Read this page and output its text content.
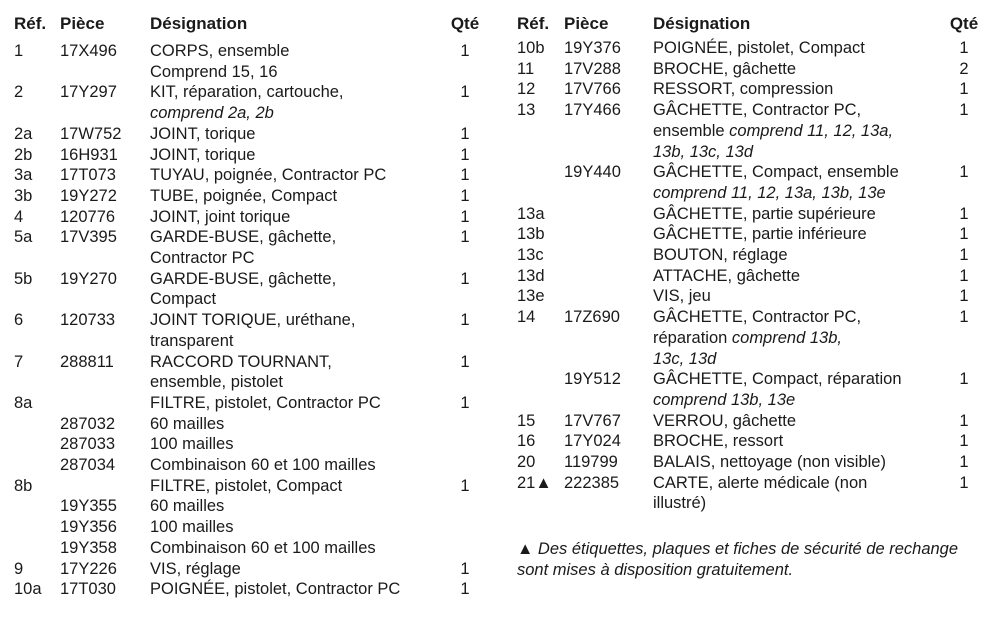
Réf.	Pièce	Désignation	Qté
1	17X496	CORPS, ensemble
Comprend 15, 16	1
2	17Y297	KIT, réparation, cartouche,
comprend 2a, 2b	1
2a	17W752	JOINT, torique	1
2b	16H931	JOINT, torique	1
3a	17T073	TUYAU, poignée, Contractor PC	1
3b	19Y272	TUBE, poignée, Compact	1
4	120776	JOINT, joint torique	1
5a	17V395	GARDE-BUSE, gâchette,
Contractor PC	1
5b	19Y270	GARDE-BUSE, gâchette,
Compact	1
6	120733	JOINT TORIQUE, uréthane,
transparent	1
7	288811	RACCORD TOURNANT,
ensemble, pistolet	1
8a		FILTRE, pistolet, Contractor PC	1
	287032	60 mailles	

	287033	100 mailles	

	287034	Combinaison 60 et 100 mailles	

8b		FILTRE, pistolet, Compact	1
	19Y355	60 mailles	

	19Y356	100 mailles	

	19Y358	Combinaison 60 et 100 mailles	

9	17Y226	VIS, réglage	1
10a	17T030	POIGNÉE, pistolet, Contractor PC	1
Réf.	Pièce	Désignation	Qté
10b	19Y376	POIGNÉE, pistolet, Compact	1
11	17V288	BROCHE, gâchette	2
12	17V766	RESSORT, compression	1
13	17Y466	GÂCHETTE, Contractor PC,
ensemble comprend 11, 12, 13a,
13b, 13c, 13d	1
	19Y440	GÂCHETTE, Compact, ensemble
comprend 11, 12, 13a, 13b, 13e	1
13a		GÂCHETTE, partie supérieure	1
13b		GÂCHETTE, partie inférieure	1
13c		BOUTON, réglage	1
13d		ATTACHE, gâchette	1
13e		VIS, jeu	1
14	17Z690	GÂCHETTE, Contractor PC,
réparation comprend 13b,
13c, 13d	1
	19Y512	GÂCHETTE, Compact, réparation
comprend 13b, 13e	1
15	17V767	VERROU, gâchette	1
16	17Y024	BROCHE, ressort	1
20	119799	BALAIS, nettoyage (non visible)	1
21▲	222385	CARTE, alerte médicale (non
illustré)	1
▲ Des étiquettes, plaques et fiches de sécurité de rechange sont mises à disposition gratuitement.
